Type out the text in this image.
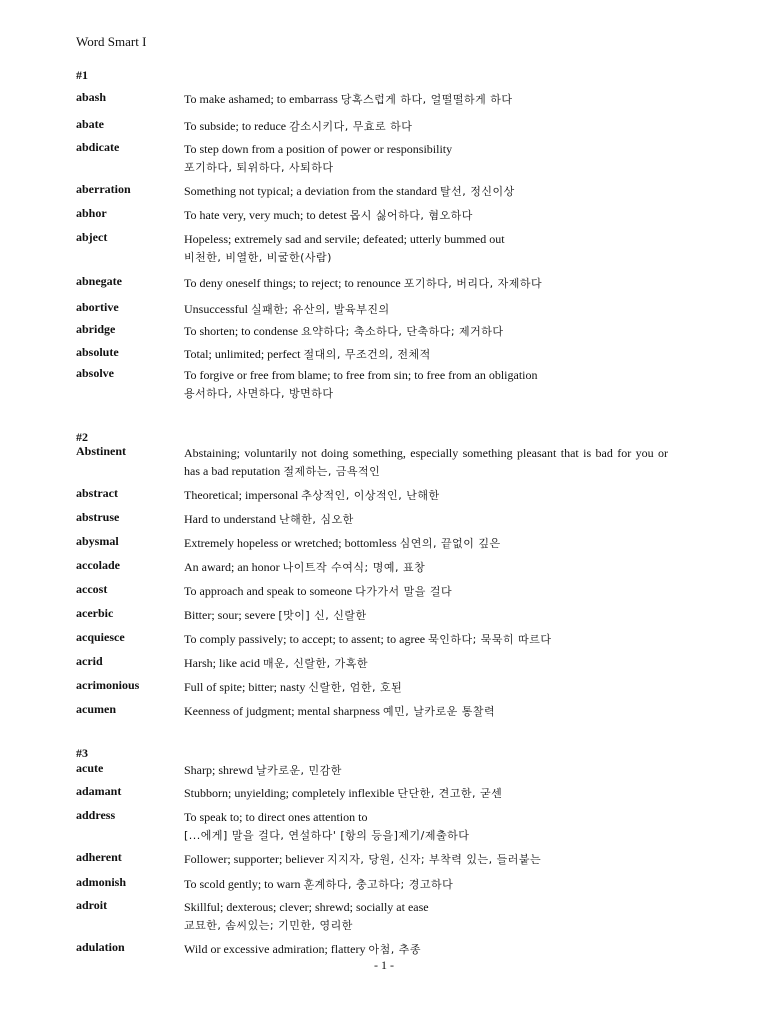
Word Smart I
#1
abash	To make ashamed; to embarrass 당혹스럽게 하다, 얼떨떨하게 하다
abate	To subside; to reduce 감소시키다, 무효로 하다
abdicate	To step down from a position of power or responsibility
포기하다, 퇴위하다, 사퇴하다
aberration	Something not typical; a deviation from the standard 탈선, 정신이상
abhor	To hate very, very much; to detest 몹시 싫어하다, 혐오하다
abject	Hopeless; extremely sad and servile; defeated; utterly bummed out
비천한, 비열한, 비굴한(사람)
abnegate	To deny oneself things; to reject; to renounce 포기하다, 버리다, 자제하다
abortive	Unsuccessful 실패한; 유산의, 발육부진의
abridge	To shorten; to condense 요약하다; 축소하다, 단축하다; 제거하다
absolute	Total; unlimited; perfect 절대의, 무조건의, 전체적
absolve	To forgive or free from blame; to free from sin; to free from an obligation
용서하다, 사면하다, 방면하다
#2
Abstinent	Abstaining; voluntarily not doing something, especially something pleasant that is bad for you or has a bad reputation 절제하는, 금욕적인
abstract	Theoretical; impersonal 추상적인, 이상적인, 난해한
abstruse	Hard to understand 난해한, 심오한
abysmal	Extremely hopeless or wretched; bottomless 심연의, 끝없이 깊은
accolade	An award; an honor 나이트작 수여식; 명예, 표창
accost	To approach and speak to someone 다가가서 말을 걸다
acerbic	Bitter; sour; severe [맛이] 신, 신랄한
acquiesce	To comply passively; to accept; to assent; to agree 묵인하다; 묵묵히 따르다
acrid	Harsh; like acid 매운, 신랄한, 가혹한
acrimonious	Full of spite; bitter; nasty 신랄한, 엄한, 호된
acumen	Keenness of judgment; mental sharpness 예민, 날카로운 통찰력
#3
acute	Sharp; shrewd 날카로운, 민감한
adamant	Stubborn; unyielding; completely inflexible 단단한, 견고한, 굳센
address	To speak to; to direct ones attention to
[...에게] 말을 걸다, 연설하다' [항의 등을]제기/제출하다
adherent	Follower; supporter; believer 지지자, 당원, 신자; 부착력 있는, 들러붙는
admonish	To scold gently; to warn 훈계하다, 충고하다; 경고하다
adroit	Skillful; dexterous; clever; shrewd; socially at ease
교묘한, 솜씨있는; 기민한, 영리한
adulation	Wild or excessive admiration; flattery 아첨, 추종
- 1 -
